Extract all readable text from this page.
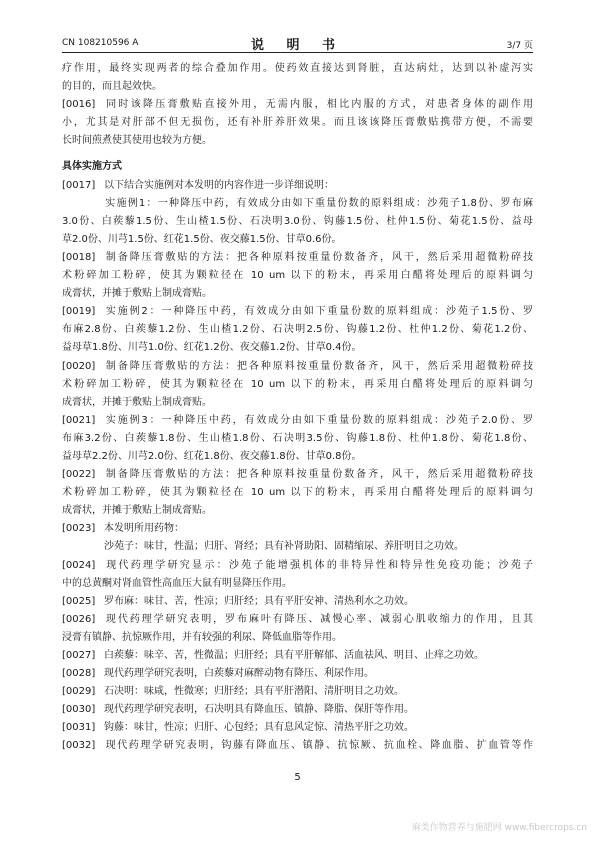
CN 108210596 A	说 明 书	3/7 页
疗作用，最终实现两者的综合叠加作用。使药效直接达到肾脏，直达病灶，达到以补虚泻实
的目的，而且起效快。
[0016] 同时该降压膏敷贴直接外用，无需内服，相比内服的方式，对患者身体的副作用
小，尤其是对肝部不但无损伤，还有补肝养肝效果。而且该该降压膏敷贴携带方便，不需要
长时间煎煮使其使用也较为方便。
具体实施方式
[0017] 以下结合实施例对本发明的内容作进一步详细说明：
实施例1：一种降压中药，有效成分由如下重量份数的原料组成：沙苑子1.8份、罗布麻
3.0份、白蒺藜1.5份、生山楂1.5份、石决明3.0份、钩藤1.5份、杜仲1.5份、菊花1.5份、益母
草2.0份、川芎1.5份、红花1.5份、夜交藤1.5份、甘草0.6份。
[0018] 制备降压膏敷贴的方法：把各种原料按重量份数备齐，风干，然后采用超微粉碎技
术粉碎加工粉碎，使其为颗粒径在 10 um 以下的粉末，再采用白醋将处理后的原料调匀
成膏状，并摊于敷贴上制成膏贴。
[0019] 实施例2：一种降压中药，有效成分由如下重量份数的原料组成：沙苑子1.5份、罗
布麻2.8份、白蒺藜1.2份、生山楂1.2份、石决明2.5份、钩藤1.2份、杜仲1.2份、菊花1.2份、
益母草1.8份、川芎1.0份、红花1.2份、夜交藤1.2份、甘草0.4份。
[0020] 制备降压膏敷贴的方法：把各种原料按重量份数备齐，风干，然后采用超微粉碎技
术粉碎加工粉碎，使其为颗粒径在 10 um 以下的粉末，再采用白醋将处理后的原料调匀
成膏状，并摊于敷贴上制成膏贴。
[0021] 实施例3：一种降压中药，有效成分由如下重量份数的原料组成：沙苑子2.0份、罗
布麻3.2份、白蒺藜1.8份、生山楂1.8份、石决明3.5份、钩藤1.8份、杜仲1.8份、菊花1.8份、
益母草2.2份、川芎2.0份、红花1.8份、夜交藤1.8份、甘草0.8份。
[0022] 制备降压膏敷贴的方法：把各种原料按重量份数备齐，风干，然后采用超微粉碎技
术粉碎加工粉碎，使其为颗粒径在 10 um 以下的粉末，再采用白醋将处理后的原料调匀
成膏状，并摊于敷贴上制成膏贴。
[0023] 本发明所用药物：
沙苑子：味甘，性温；归肝、肾经；具有补肾助阳、固精缩尿、养肝明目之功效。
[0024] 现代药理学研究显示：沙苑子能增强机体的非特异性和特异性免疫功能；沙苑子
中的总黄酮对肾血管性高血压大鼠有明显降压作用。
[0025] 罗布麻：味甘、苦，性凉；归肝经；具有平肝安神、清热利水之功效。
[0026] 现代药理学研究表明，罗布麻叶有降压、减慢心率、减弱心肌收缩力的作用，且其
浸膏有镇静、抗惊厥作用，并有较强的利尿、降低血脂等作用。
[0027] 白蒺藜：味辛、苦，性微温；归肝经；具有平肝解郁、活血祛风、明目、止痒之功效。
[0028] 现代药理学研究表明，白蒺藜对麻醉动物有降压、利尿作用。
[0029] 石决明：味咸，性微寒；归肝经；具有平肝潜阳、清肝明目之功效。
[0030] 现代药理学研究表明，石决明具有降血压、镇静、降脂、保肝等作用。
[0031] 钩藤：味甘，性凉；归肝、心包经；具有息风定惊、清热平肝之功效。
[0032] 现代药理学研究表明，钩藤有降血压、镇静、抗惊厥、抗血栓、降血脂、扩血管等作
5
麻类作物营养与施肥网 www.fibercrops.cn
